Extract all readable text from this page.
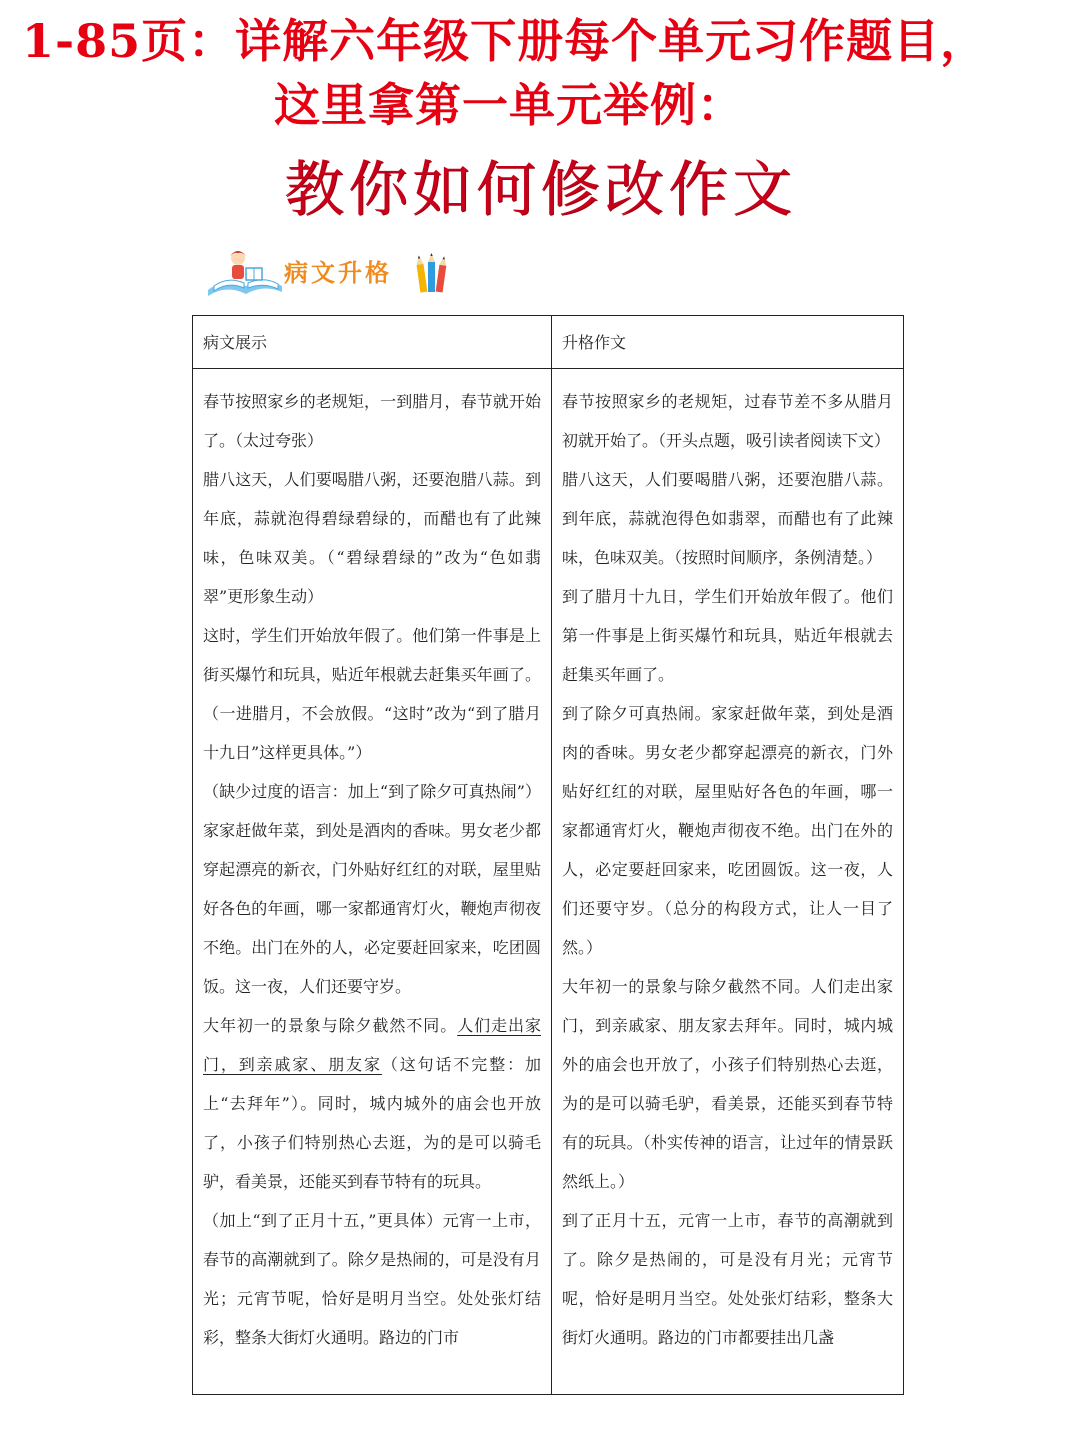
1-85页：详解六年级下册每个单元习作题目，
这里拿第一单元举例：
教你如何修改作文
病文升格
病文展示

春节按照家乡的老规矩，一到腊月，春节就开始了。（太过夸张）

腊八这天，人们要喝腊八粥，还要泡腊八蒜。到年底，蒜就泡得碧绿碧绿的，而醋也有了此辣味，色味双美。（“碧绿碧绿的”改为“色如翡翠”更形象生动）

这时，学生们开始放年假了。他们第一件事是上街买爆竹和玩具，贴近年根就去赶集买年画了。（一进腊月，不会放假。“这时”改为“到了腊月十九日”这样更具体。”）

（缺少过度的语言：加上“到了除夕可真热闹”）家家赶做年菜，到处是酒肉的香味。男女老少都穿起漂亮的新衣，门外贴好红红的对联，屋里贴好各色的年画，哪一家都通宵灯火，鞭炮声彻夜不绝。出门在外的人，必定要赶回家来，吃团圆饭。这一夜，人们还要守岁。

大年初一的景象与除夕截然不同。人们走出家门，到亲戚家、朋友家（这句话不完整：加上“去拜年”）。同时，城内城外的庙会也开放了，小孩子们特别热心去逛，为的是可以骑毛驴，看美景，还能买到春节特有的玩具。

（加上“到了正月十五，”更具体）元宵一上市，春节的高潮就到了。除夕是热闹的，可是没有月光；元宵节呢，恰好是明月当空。处处张灯结彩，整条大街灯火通明。路边的门市

升格作文

春节按照家乡的老规矩，过春节差不多从腊月初就开始了。（开头点题，吸引读者阅读下文）

腊八这天，人们要喝腊八粥，还要泡腊八蒜。到年底，蒜就泡得色如翡翠，而醋也有了此辣味，色味双美。（按照时间顺序，条例清楚。）

到了腊月十九日，学生们开始放年假了。他们第一件事是上街买爆竹和玩具，贴近年根就去赶集买年画了。

到了除夕可真热闹。家家赶做年菜，到处是酒肉的香味。男女老少都穿起漂亮的新衣，门外贴好红红的对联，屋里贴好各色的年画，哪一家都通宵灯火，鞭炮声彻夜不绝。出门在外的人，必定要赶回家来，吃团圆饭。这一夜，人们还要守岁。（总分的构段方式，让人一目了然。）

大年初一的景象与除夕截然不同。人们走出家门，到亲戚家、朋友家去拜年。同时，城内城外的庙会也开放了，小孩子们特别热心去逛，为的是可以骑毛驴，看美景，还能买到春节特有的玩具。（朴实传神的语言，让过年的情景跃然纸上。）

到了正月十五，元宵一上市，春节的高潮就到了。除夕是热闹的，可是没有月光；元宵节呢，恰好是明月当空。处处张灯结彩，整条大街灯火通明。路边的门市都要挂出几盏
